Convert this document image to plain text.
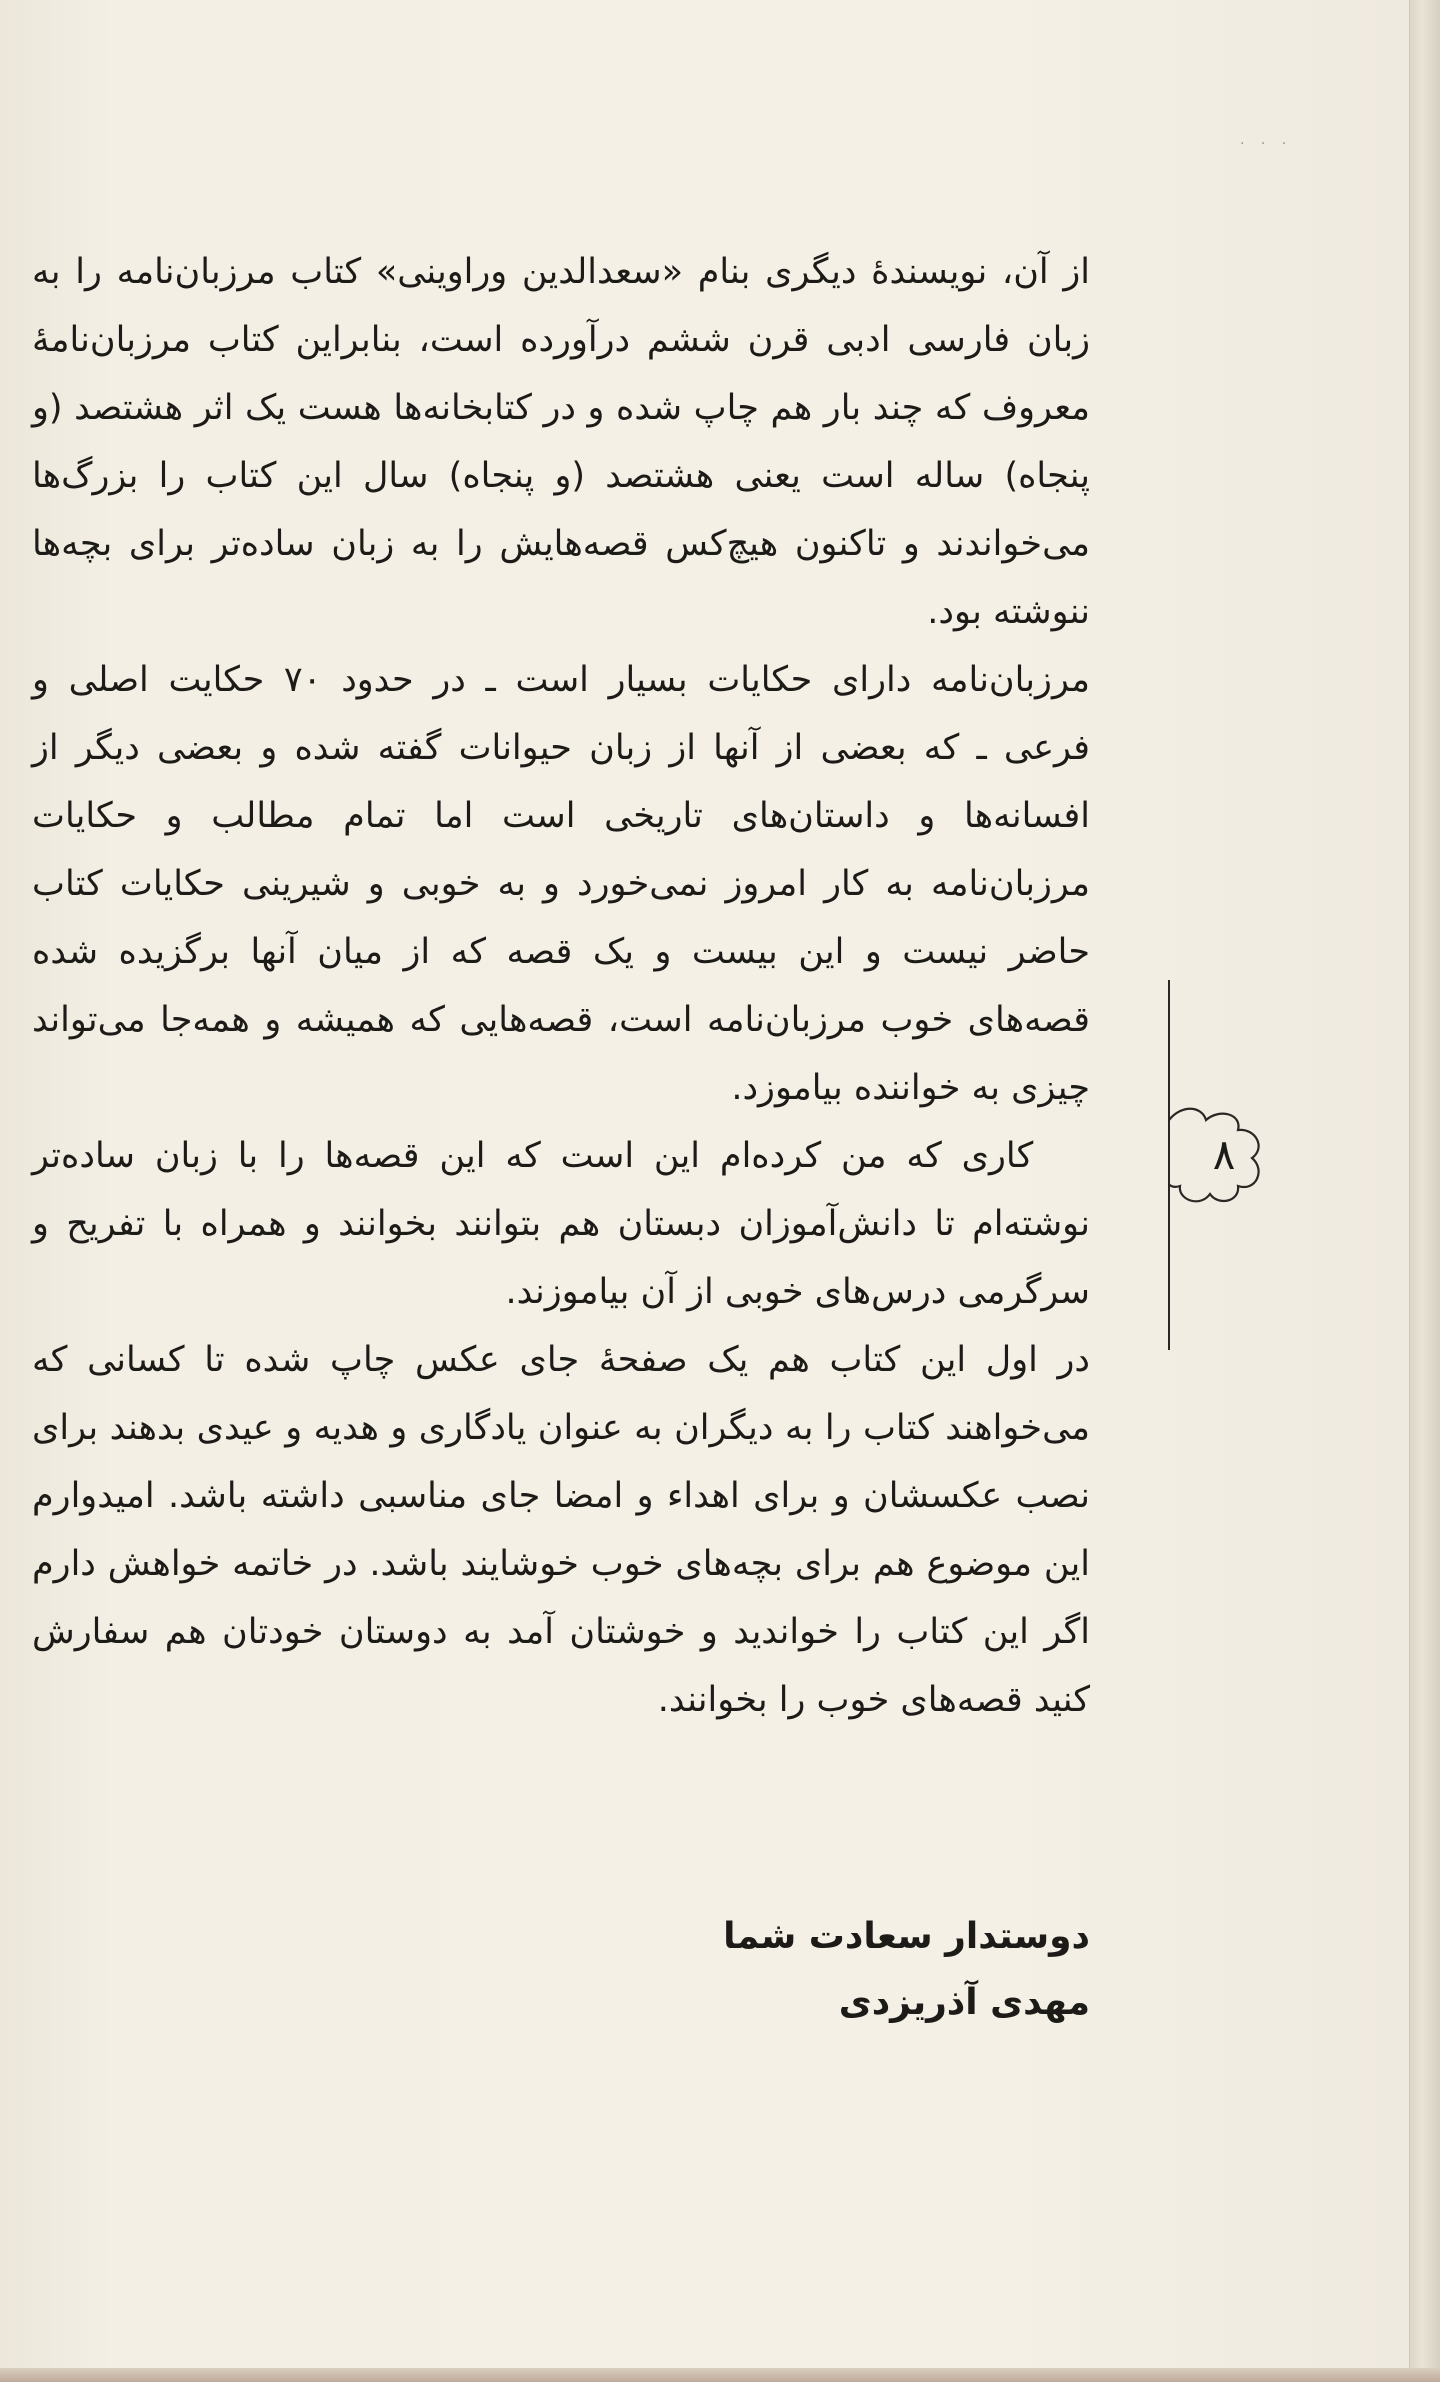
· · ·

از آن، نویسندۀ دیگری بنام «سعدالدین وراوینی» کتاب مرزبان‌نامه را به زبان فارسی ادبی قرن ششم درآورده است، بنابراین کتاب مرزبان‌نامۀ معروف که چند بار هم چاپ شده و در کتابخانه‌ها هست یک اثر هشتصد (و پنجاه) ساله است یعنی هشتصد (و پنجاه) سال این کتاب را بزرگ‌ها می‌خواندند و تاکنون هیچ‌کس قصه‌هایش را به زبان ساده‌تر برای بچه‌ها ننوشته بود.

مرزبان‌نامه دارای حکایات بسیار است ـ در حدود ۷۰ حکایت اصلی و فرعی ـ که بعضی از آنها از زبان حیوانات گفته شده و بعضی دیگر از افسانه‌ها و داستان‌های تاریخی است اما تمام مطالب و حکایات مرزبان‌نامه به کار امروز نمی‌خورد و به خوبی و شیرینی حکایات کتاب حاضر نیست و این بیست و یک قصه که از میان آنها برگزیده شده قصه‌های خوب مرزبان‌نامه است، قصه‌هایی که همیشه و همه‌جا می‌تواند چیزی به خواننده بیاموزد.

کاری که من کرده‌ام این است که این قصه‌ها را با زبان ساده‌تر نوشته‌ام تا دانش‌آموزان دبستان هم بتوانند بخوانند و همراه با تفریح و سرگرمی درس‌های خوبی از آن بیاموزند.

در اول این کتاب هم یک صفحۀ جای عکس چاپ شده تا کسانی که می‌خواهند کتاب را به دیگران به عنوان یادگاری و هدیه و عیدی بدهند برای نصب عکسشان و برای اهداء و امضا جای مناسبی داشته باشد. امیدوارم این موضوع هم برای بچه‌های خوب خوشایند باشد. در خاتمه خواهش دارم اگر این کتاب را خواندید و خوشتان آمد به دوستان خودتان هم سفارش کنید قصه‌های خوب را بخوانند.

دوستدار سعادت شما
مهدی آذریزدی
۸
